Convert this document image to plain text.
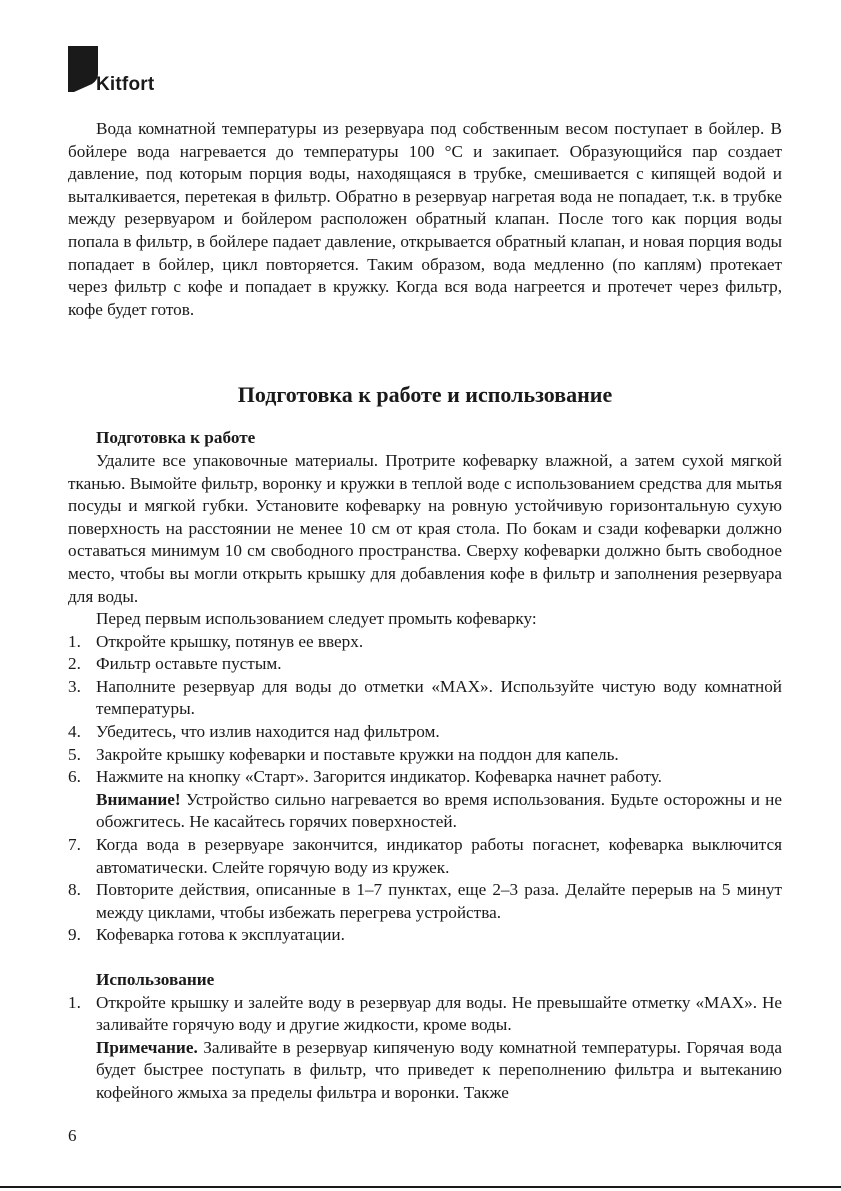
Kitfort

Вода комнатной температуры из резервуара под собственным весом поступает в бойлер. В бойлере вода нагревается до температуры 100 °C и закипает. Образующийся пар создает давление, под которым порция воды, находящаяся в трубке, смешивается с кипящей водой и выталкивается, перетекая в фильтр. Обратно в резервуар нагретая вода не попадает, т.к. в трубке между резервуаром и бойлером расположен обратный клапан. После того как порция воды попала в фильтр, в бойлере падает давление, открывается обратный клапан, и новая порция воды попадает в бойлер, цикл повторяется. Таким образом, вода медленно (по каплям) протекает через фильтр с кофе и попадает в кружку. Когда вся вода нагреется и протечет через фильтр, кофе будет готов.

Подготовка к работе и использование
Подготовка к работе

Удалите все упаковочные материалы. Протрите кофеварку влажной, а затем сухой мягкой тканью. Вымойте фильтр, воронку и кружки в теплой воде с использованием средства для мытья посуды и мягкой губки. Установите кофеварку на ровную устойчивую горизонтальную сухую поверхность на расстоянии не менее 10 см от края стола. По бокам и сзади кофеварки должно оставаться минимум 10 см свободного пространства. Сверху кофеварки должно быть свободное место, чтобы вы могли открыть крышку для добавления кофе в фильтр и заполнения резервуара для воды.

Перед первым использованием следует промыть кофеварку:

1. Откройте крышку, потянув ее вверх.
2. Фильтр оставьте пустым.
3. Наполните резервуар для воды до отметки «MAX». Используйте чистую воду комнатной температуры.
4. Убедитесь, что излив находится над фильтром.
5. Закройте крышку кофеварки и поставьте кружки на поддон для капель.
6. Нажмите на кнопку «Старт». Загорится индикатор. Кофеварка начнет работу.
Внимание! Устройство сильно нагревается во время использования. Будьте осторожны и не обожгитесь. Не касайтесь горячих поверхностей.
7. Когда вода в резервуаре закончится, индикатор работы погаснет, кофеварка выключится автоматически. Слейте горячую воду из кружек.
8. Повторите действия, описанные в 1–7 пунктах, еще 2–3 раза. Делайте перерыв на 5 минут между циклами, чтобы избежать перегрева устройства.
9. Кофеварка готова к эксплуатации.
Использование
1. Откройте крышку и залейте воду в резервуар для воды. Не превышайте отметку «MAX». Не заливайте горячую воду и другие жидкости, кроме воды.
Примечание. Заливайте в резервуар кипяченую воду комнатной температуры. Горячая вода будет быстрее поступать в фильтр, что приведет к переполнению фильтра и вытеканию кофейного жмыха за пределы фильтра и воронки. Также
6
